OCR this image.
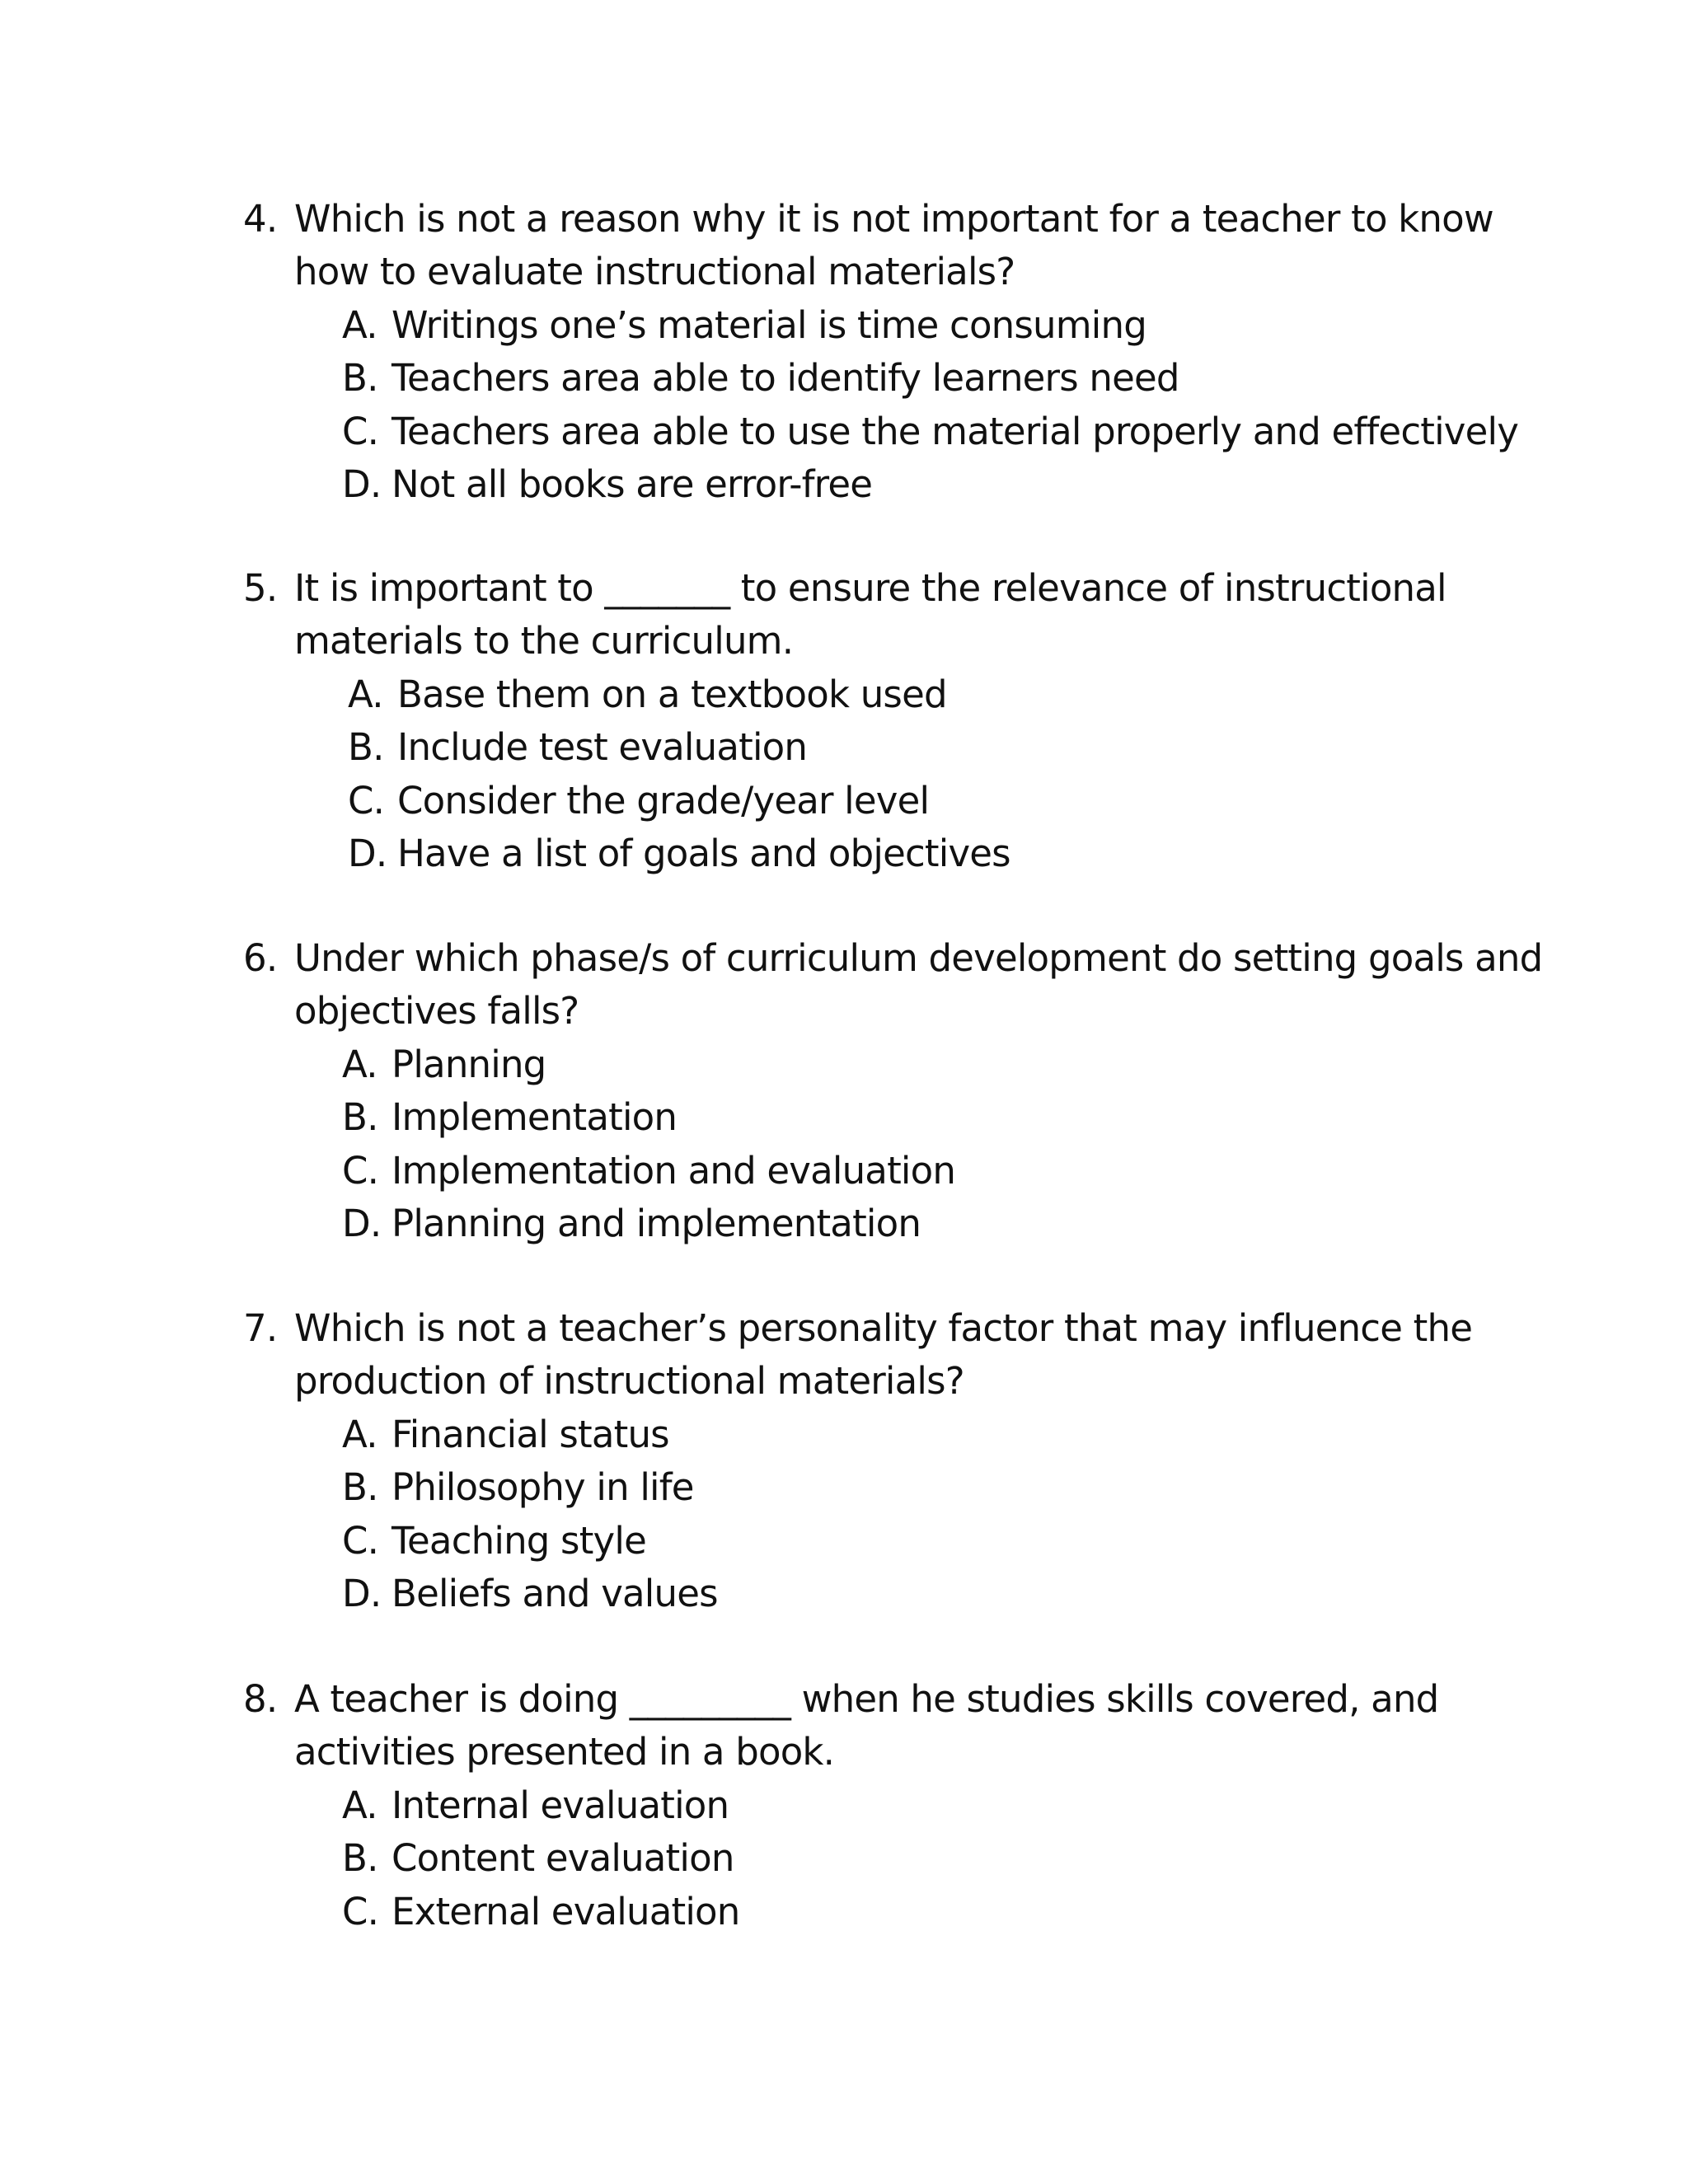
4. Which is not a reason why it is not important for a teacher to know
how to evaluate instructional materials?
A. Writings one’s material is time consuming
B. Teachers area able to identify learners need
C. Teachers area able to use the material properly and effectively
D. Not all books are error-free
5. It is important to _______ to ensure the relevance of instructional
materials to the curriculum.
A. Base them on a textbook used
B. Include test evaluation
C. Consider the grade/year level
D. Have a list of goals and objectives
6. Under which phase/s of curriculum development do setting goals and
objectives falls?
A. Planning
B. Implementation
C. Implementation and evaluation
D. Planning and implementation
7. Which is not a teacher’s personality factor that may influence the
production of instructional materials?
A. Financial status
B. Philosophy in life
C. Teaching style
D. Beliefs and values
8. A teacher is doing _________ when he studies skills covered, and
activities presented in a book.
A. Internal evaluation
B. Content evaluation
C. External evaluation
